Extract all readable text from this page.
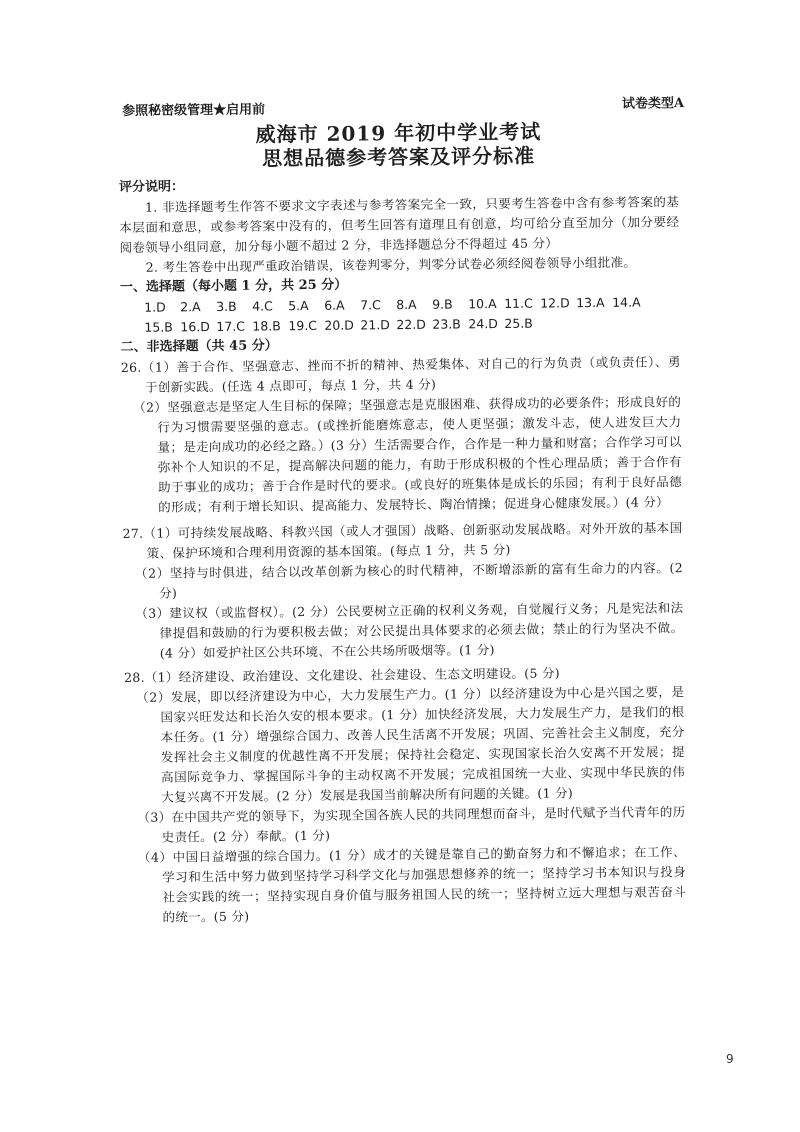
参照秘密级管理★启用前	试卷类型A
威海市 2019 年初中学业考试
思想品德参考答案及评分标准
评分说明：
1. 非选择题考生作答不要求文字表述与参考答案完全一致，只要考生答卷中含有参考答案的基本层面和意思，或参考答案中没有的，但考生回答有道理且有创意，均可给分直至加分（加分要经阅卷领导小组同意，加分每小题不超过 2 分，非选择题总分不得超过 45 分）
2. 考生答卷中出现严重政治错误，该卷判零分，判零分试卷必须经阅卷领导小组批准。
一、选择题（每小题 1 分，共 25 分）
1.D 2.A 3.B 4.C 5.A 6.A 7.C 8.A 9.B 10.A 11.C 12.D 13.A 14.A
15.B 16.D 17.C 18.B 19.C 20.D 21.D 22.D 23.B 24.D 25.B
二、非选择题（共 45 分）
26.（1）善于合作、坚强意志、挫而不折的精神、热爱集体、对自己的行为负责（或负责任）、勇于创新实践。(任选 4 点即可，每点 1 分，共 4 分)
（2）坚强意志是坚定人生目标的保障；坚强意志是克服困难、获得成功的必要条件；形成良好的行为习惯需要坚强的意志。(或挫折能磨炼意志，使人更坚强；激发斗志，使人进发巨大力量；是走向成功的必经之路。）(3 分）生活需要合作，合作是一种力量和财富；合作学习可以弥补个人知识的不足，提高解决问题的能力，有助于形成积极的个性心理品质；善于合作有助于事业的成功；善于合作是时代的要求。(或良好的班集体是成长的乐园；有利于良好品德的形成；有利于增长知识、提高能力、发展特长、陶冶情操；促进身心健康发展。）(4 分）
27.（1）可持续发展战略、科教兴国（或人才强国）战略、创新驱动发展战略。对外开放的基本国策、保护环境和合理利用资源的基本国策。(每点 1 分，共 5 分)
（2）坚持与时俱进，结合以改革创新为核心的时代精神，不断增添新的富有生命力的内容。(2 分)
（3）建议权（或监督权）。(2 分）公民要树立正确的权利义务观，自觉履行义务；凡是宪法和法律提倡和鼓励的行为要积极去做；对公民提出具体要求的必须去做；禁止的行为坚决不做。(4 分）如爱护社区公共环境、不在公共场所吸烟等。(1 分)
28.（1）经济建设、政治建设、文化建设、社会建设、生态文明建设。(5 分)
（2）发展，即以经济建设为中心，大力发展生产力。(1 分）以经济建设为中心是兴国之要，是国家兴旺发达和长治久安的根本要求。(1 分）加快经济发展，大力发展生产力，是我们的根本任务。(1 分）增强综合国力、改善人民生活离不开发展；巩固、完善社会主义制度，充分发挥社会主义制度的优越性离不开发展；保持社会稳定、实现国家长治久安离不开发展；提高国际竞争力、掌握国际斗争的主动权离不开发展；完成祖国统一大业、实现中华民族的伟大复兴离不开发展。(2 分）发展是我国当前解决所有问题的关键。(1 分)
（3）在中国共产党的领导下，为实现全国各族人民的共同理想而奋斗，是时代赋予当代青年的历史责任。(2 分）奉献。(1 分)
（4）中国日益增强的综合国力。(1 分）成才的关键是靠自己的勤奋努力和不懈追求；在工作、学习和生活中努力做到坚持学习科学文化与加强思想修养的统一；坚持学习书本知识与投身社会实践的统一；坚持实现自身价值与服务祖国人民的统一；坚持树立远大理想与艰苦奋斗的统一。(5 分)
9
